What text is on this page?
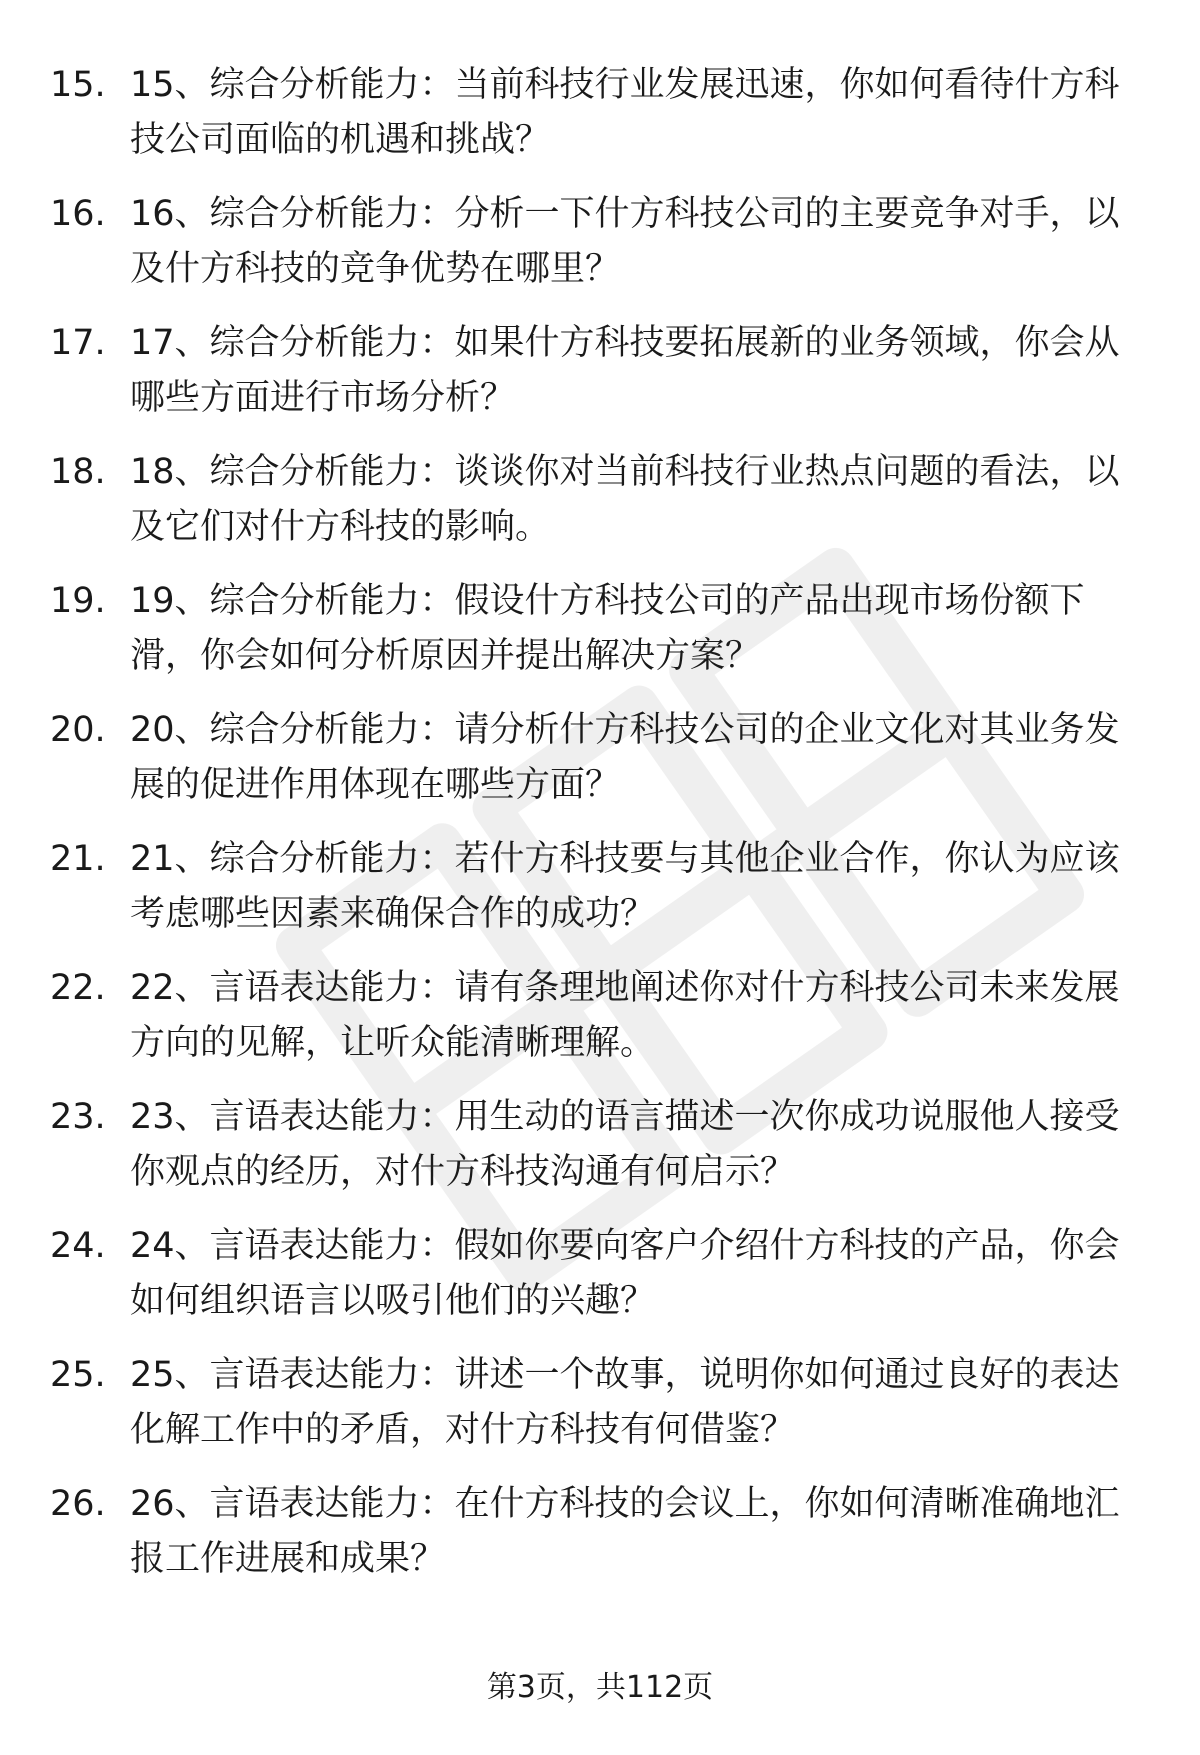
15. 15、综合分析能力：当前科技行业发展迅速，你如何看待什方科技公司面临的机遇和挑战？
16. 16、综合分析能力：分析一下什方科技公司的主要竞争对手，以及什方科技的竞争优势在哪里？
17. 17、综合分析能力：如果什方科技要拓展新的业务领域，你会从哪些方面进行市场分析？
18. 18、综合分析能力：谈谈你对当前科技行业热点问题的看法，以及它们对什方科技的影响。
19. 19、综合分析能力：假设什方科技公司的产品出现市场份额下滑，你会如何分析原因并提出解决方案？
20. 20、综合分析能力：请分析什方科技公司的企业文化对其业务发展的促进作用体现在哪些方面？
21. 21、综合分析能力：若什方科技要与其他企业合作，你认为应该考虑哪些因素来确保合作的成功？
22. 22、言语表达能力：请有条理地阐述你对什方科技公司未来发展方向的见解，让听众能清晰理解。
23. 23、言语表达能力：用生动的语言描述一次你成功说服他人接受你观点的经历，对什方科技沟通有何启示？
24. 24、言语表达能力：假如你要向客户介绍什方科技的产品，你会如何组织语言以吸引他们的兴趣？
25. 25、言语表达能力：讲述一个故事，说明你如何通过良好的表达化解工作中的矛盾，对什方科技有何借鉴？
26. 26、言语表达能力：在什方科技的会议上，你如何清晰准确地汇报工作进展和成果？
第3页，共112页
